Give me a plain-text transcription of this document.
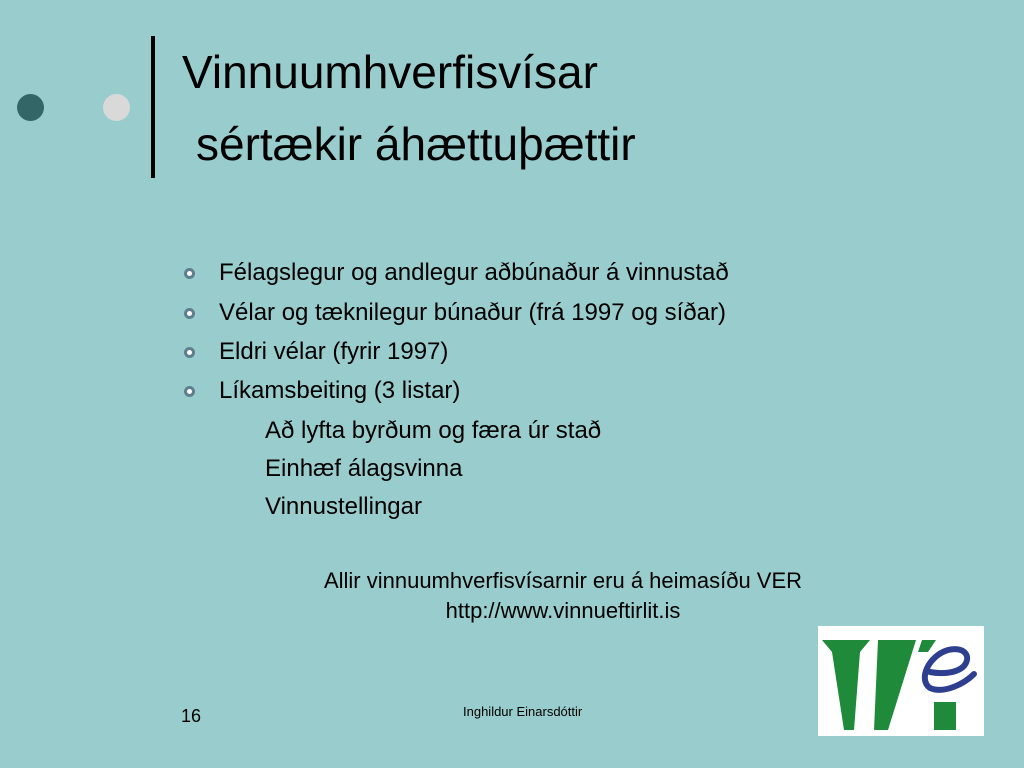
Vinnuumhverfisvísar
sértækir áhættuþættir
Félagslegur og andlegur aðbúnaður á vinnustað
Vélar og tæknilegur búnaður (frá 1997 og síðar)
Eldri vélar (fyrir 1997)
Líkamsbeiting (3 listar)
Að lyfta byrðum og færa úr stað
Einhæf álagsvinna
Vinnustellingar
Allir vinnuumhverfisvísarnir eru á heimasíðu VER
http://www.vinnueftirlit.is
16	Inghildur Einarsdóttir
